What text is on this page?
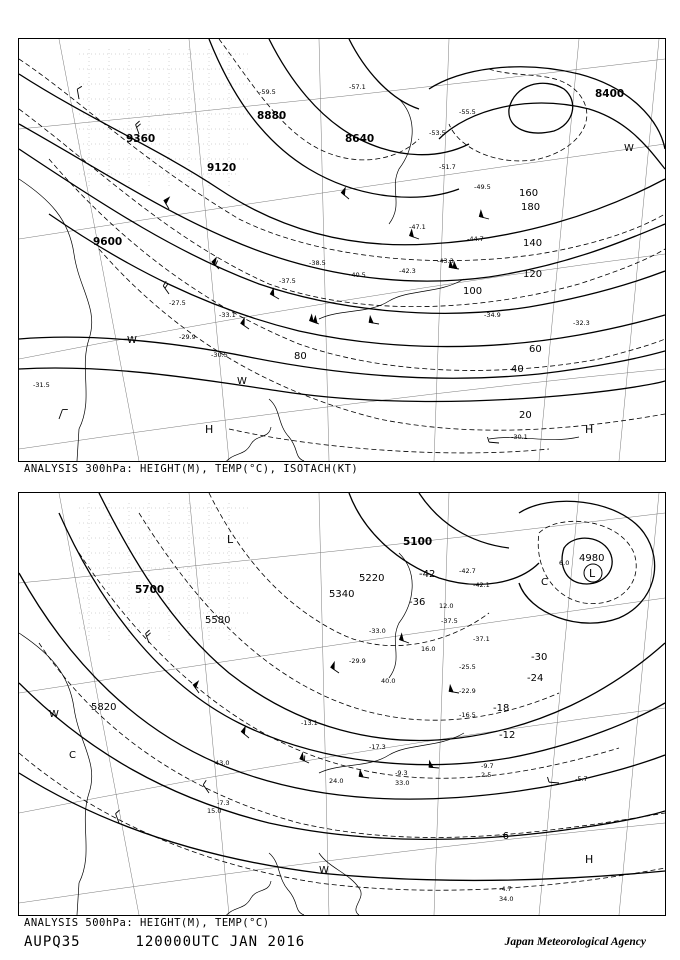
9360
9120
9600
8880
8640
8400
20
40
60
80
100
120
140
160
180
H	H
W
W
W
-53.5
-55.5
-51.7
-49.5
-47.1
-44.7
-43.3
-42.3
-40.5
-38.5
-37.5
-34.9
-33.1
-32.3
-30.5
-30.1
-31.5
-27.5
-29.9
-57.1
-59.5
ANALYSIS 300hPa: HEIGHT(M), TEMP(°C), ISOTACH(KT)
5100
4980
5700
5580
5340
5220
5820
-42
-36
-30
-24
-18
-12
-6
L
L
C
C
W
W
H
-42.7
-42.1
-37.5
-37.1
-33.0
-29.9
-25.5
-22.9
-17.3
-16.5
-13.1
-9.7
-9.3
-7.3
-5.7
-4.7
16.0
12.0
24.0	33.0
34.0
43.0
40.0
15.0
2.5
6.0
ANALYSIS 500hPa: HEIGHT(M), TEMP(°C)
AUPQ35	120000UTC JAN 2016	Japan Meteorological Agency
